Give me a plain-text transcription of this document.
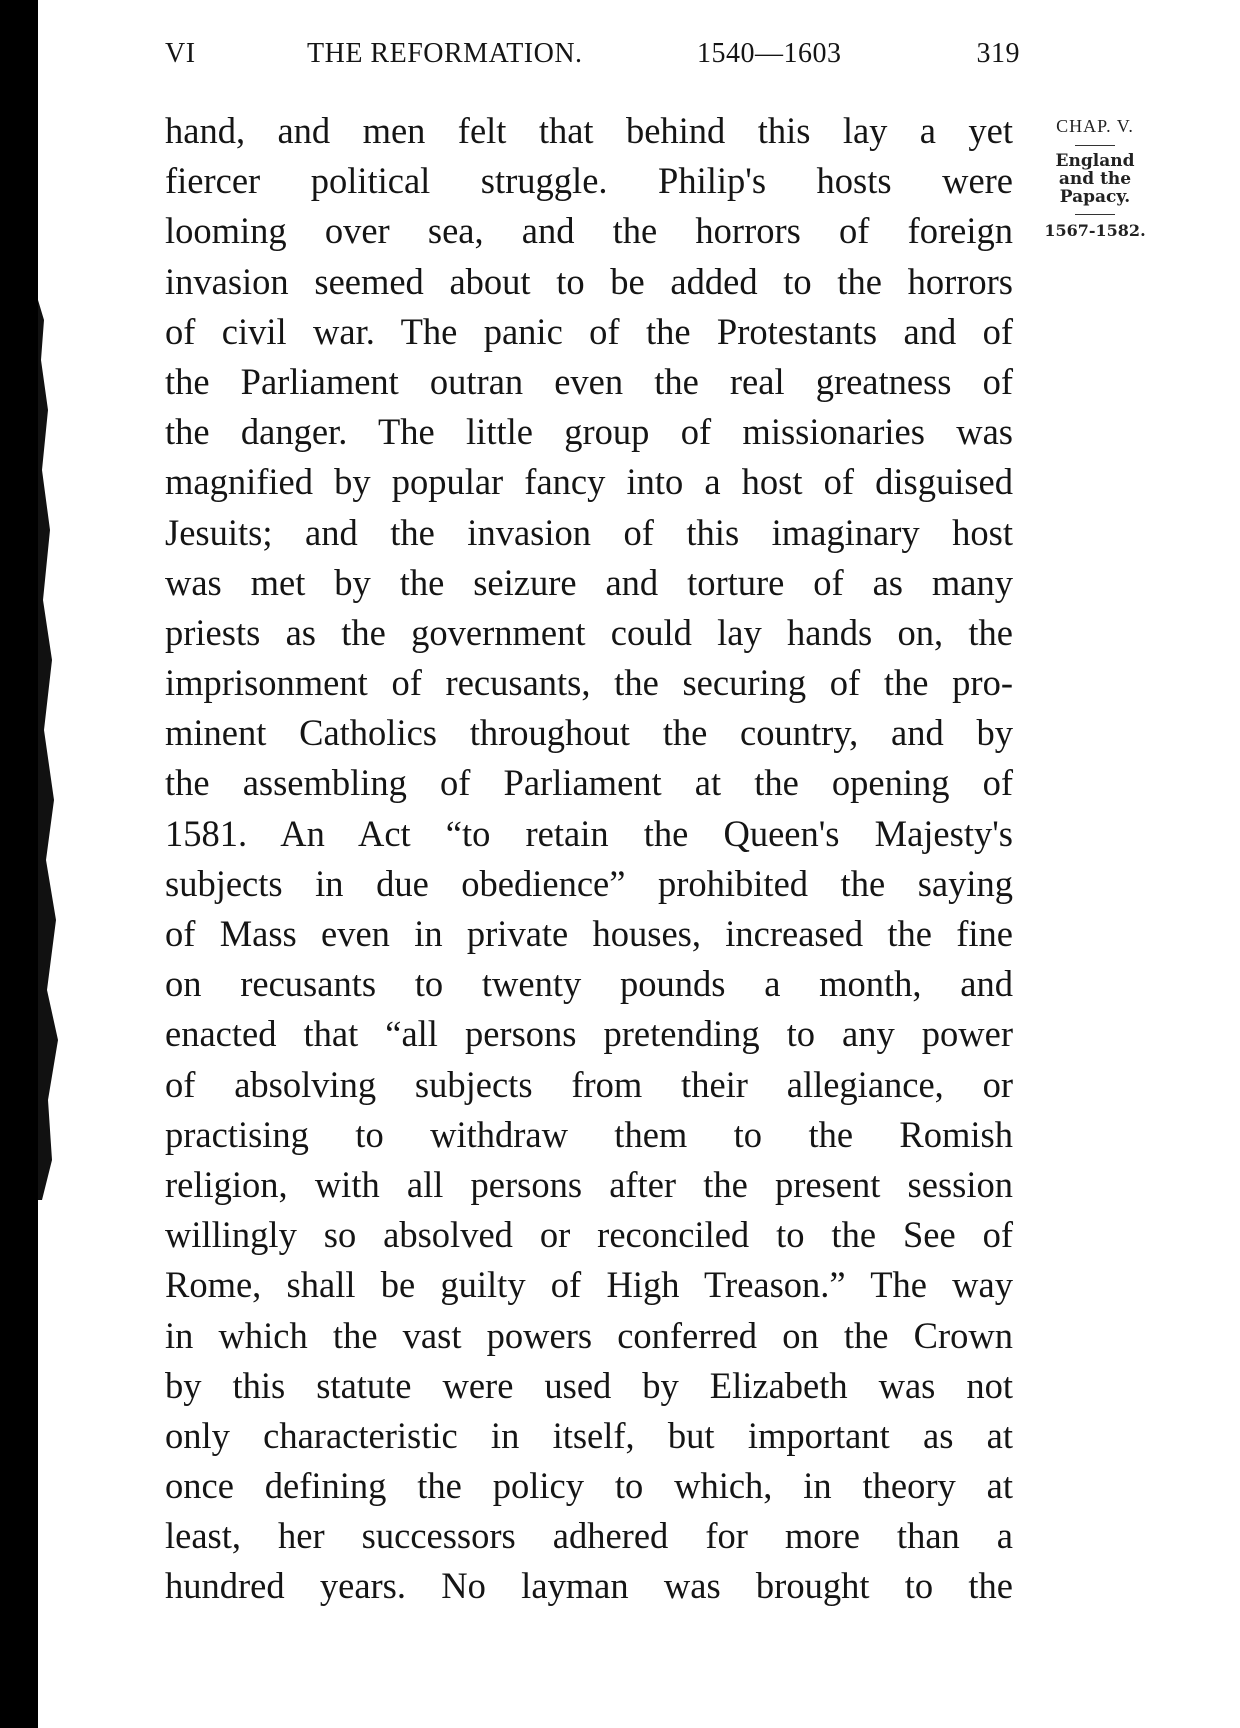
VI	THE REFORMATION.	1540—1603	319
hand, and men felt that behind this lay a yet
fiercer political struggle. Philip's hosts were
looming over sea, and the horrors of foreign
invasion seemed about to be added to the horrors
of civil war. The panic of the Protestants and of
the Parliament outran even the real greatness of
the danger. The little group of missionaries was
magnified by popular fancy into a host of disguised
Jesuits; and the invasion of this imaginary host
was met by the seizure and torture of as many
priests as the government could lay hands on, the
imprisonment of recusants, the securing of the pro-
minent Catholics throughout the country, and by
the assembling of Parliament at the opening of
1581. An Act “to retain the Queen's Majesty's
subjects in due obedience” prohibited the saying
of Mass even in private houses, increased the fine
on recusants to twenty pounds a month, and
enacted that “all persons pretending to any power
of absolving subjects from their allegiance, or
practising to withdraw them to the Romish
religion, with all persons after the present session
willingly so absolved or reconciled to the See of
Rome, shall be guilty of High Treason.” The way
in which the vast powers conferred on the Crown
by this statute were used by Elizabeth was not
only characteristic in itself, but important as at
once defining the policy to which, in theory at
least, her successors adhered for more than a
hundred years. No layman was brought to the
CHAP. V.
England
and the
Papacy.
1567-1582.
